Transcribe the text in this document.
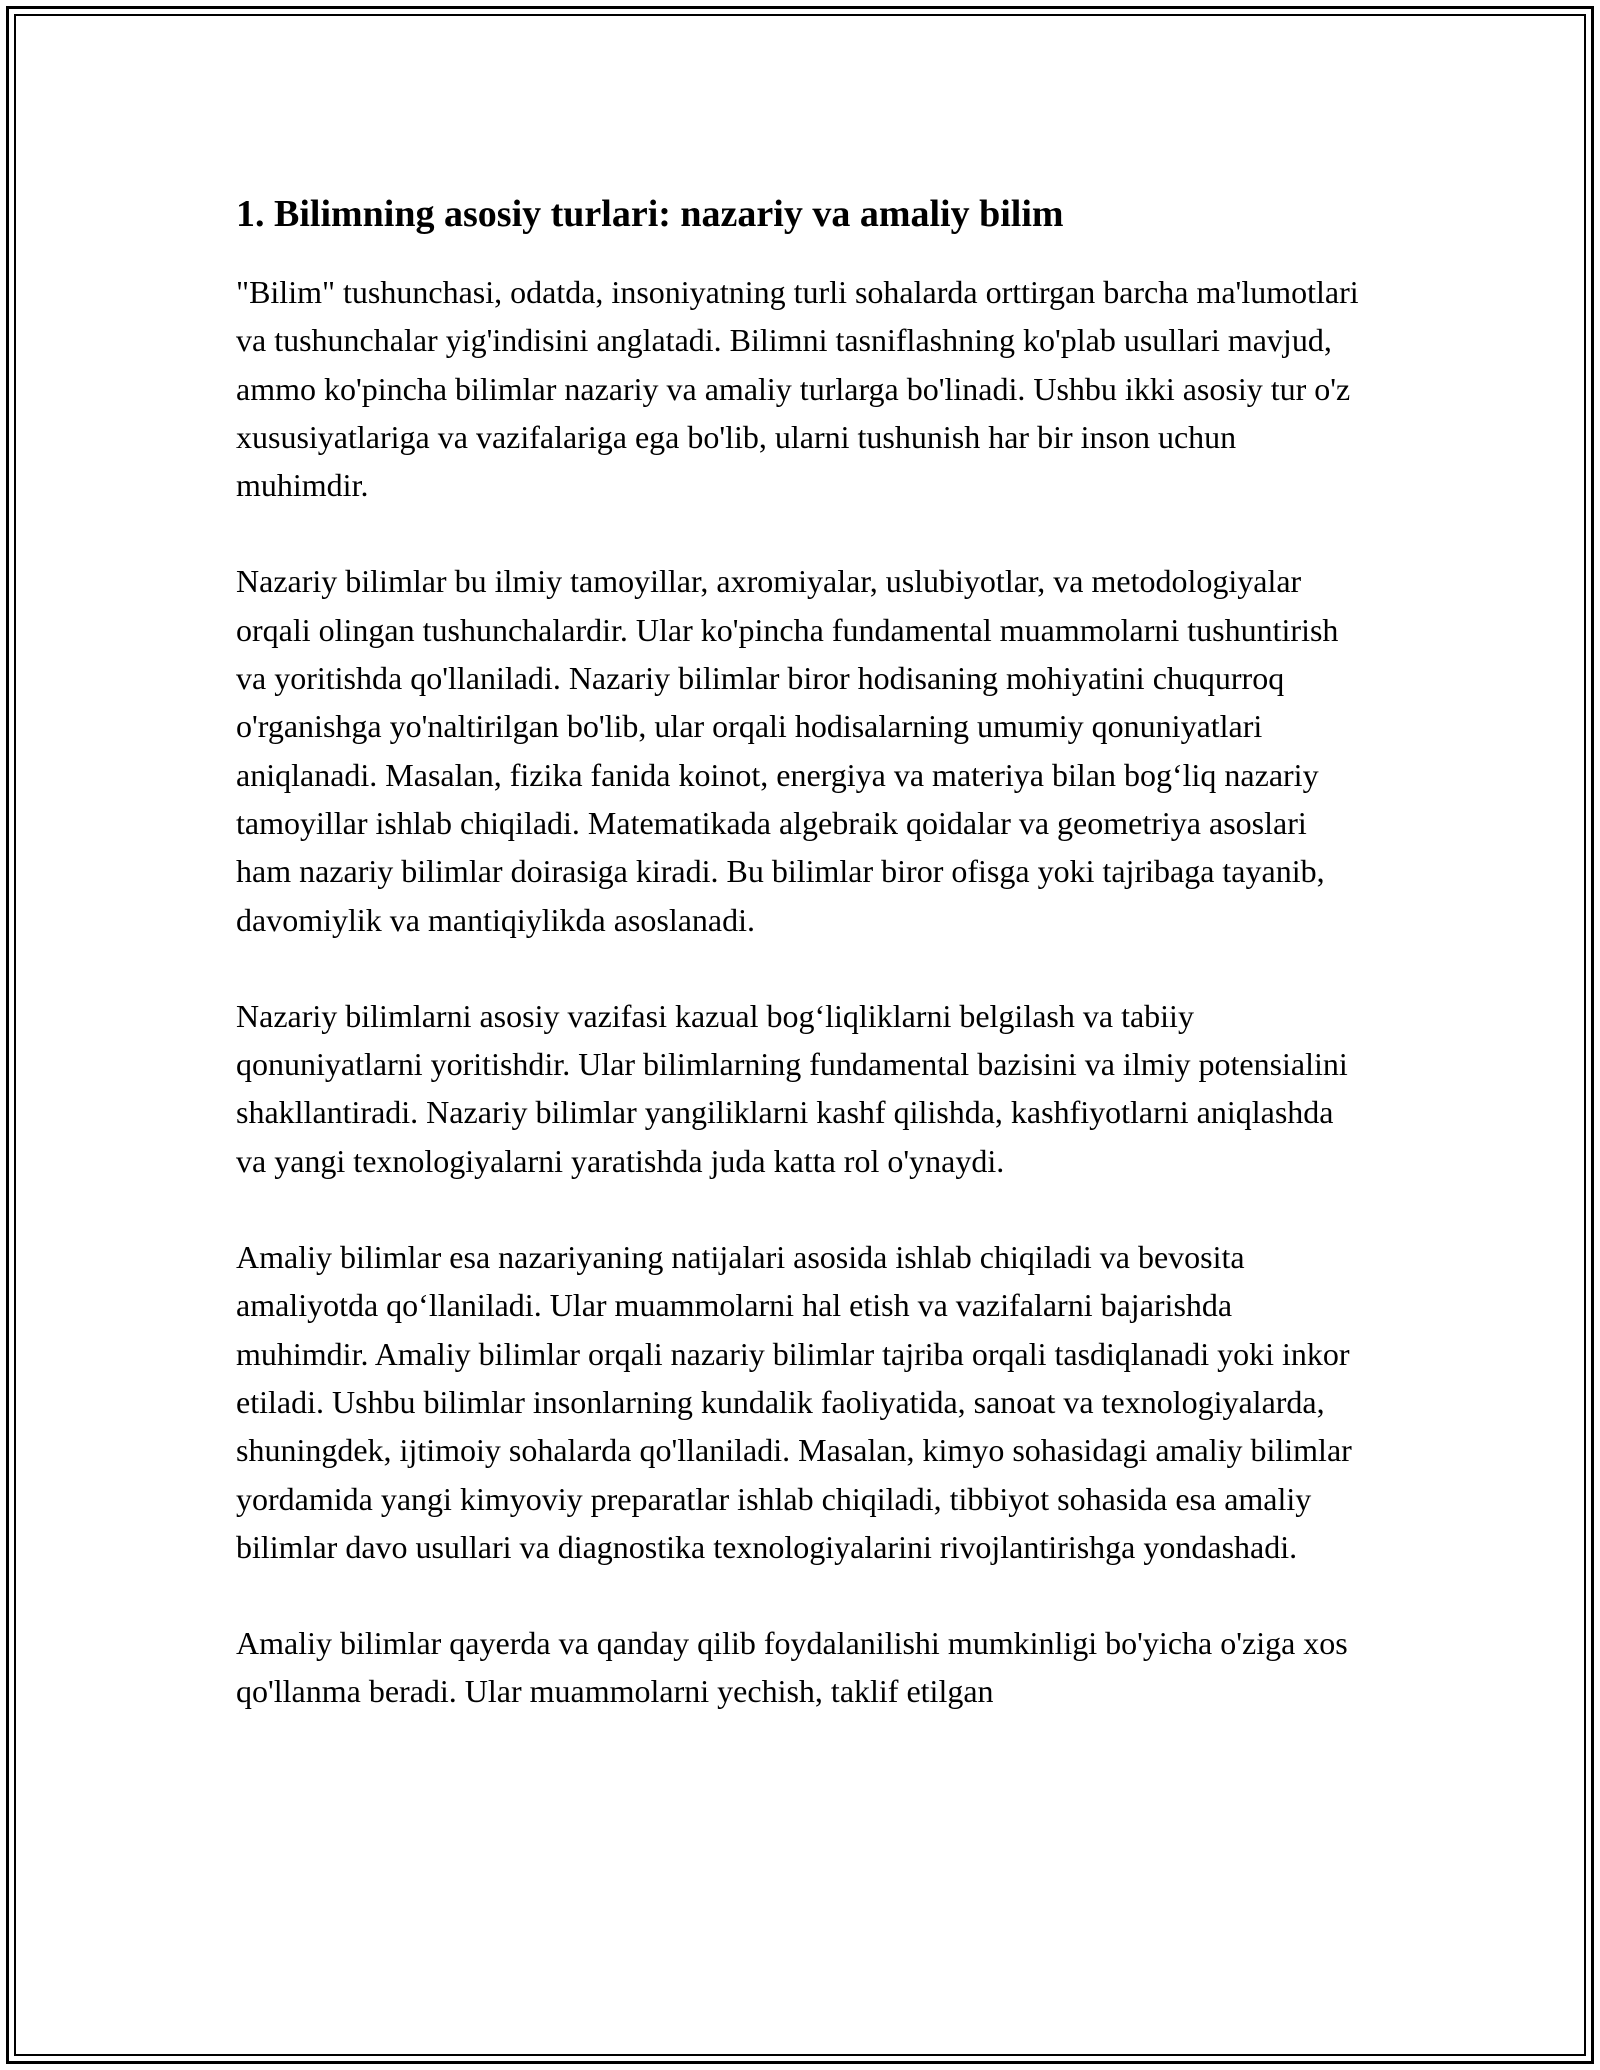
1. Bilimning asosiy turlari: nazariy va amaliy bilim

"Bilim" tushunchasi, odatda, insoniyatning turli sohalarda orttirgan barcha ma'lumotlari va tushunchalar yig'indisini anglatadi. Bilimni tasniflashning ko'plab usullari mavjud, ammo ko'pincha bilimlar nazariy va amaliy turlarga bo'linadi. Ushbu ikki asosiy tur o'z xususiyatlariga va vazifalariga ega bo'lib, ularni tushunish har bir inson uchun muhimdir.

Nazariy bilimlar bu ilmiy tamoyillar, axromiyalar, uslubiyotlar, va metodologiyalar orqali olingan tushunchalardir. Ular ko'pincha fundamental muammolarni tushuntirish va yoritishda qo'llaniladi. Nazariy bilimlar biror hodisaning mohiyatini chuqurroq o'rganishga yo'naltirilgan bo'lib, ular orqali hodisalarning umumiy qonuniyatlari aniqlanadi. Masalan, fizika fanida koinot, energiya va materiya bilan bog‘liq nazariy tamoyillar ishlab chiqiladi. Matematikada algebraik qoidalar va geometriya asoslari ham nazariy bilimlar doirasiga kiradi. Bu bilimlar biror ofisga yoki tajribaga tayanib, davomiylik va mantiqiylikda asoslanadi.

Nazariy bilimlarni asosiy vazifasi kazual bog‘liqliklarni belgilash va tabiiy qonuniyatlarni yoritishdir. Ular bilimlarning fundamental bazisini va ilmiy potensialini shakllantiradi. Nazariy bilimlar yangiliklarni kashf qilishda, kashfiyotlarni aniqlashda va yangi texnologiyalarni yaratishda juda katta rol o'ynaydi.

Amaliy bilimlar esa nazariyaning natijalari asosida ishlab chiqiladi va bevosita amaliyotda qo‘llaniladi. Ular muammolarni hal etish va vazifalarni bajarishda muhimdir. Amaliy bilimlar orqali nazariy bilimlar tajriba orqali tasdiqlanadi yoki inkor etiladi. Ushbu bilimlar insonlarning kundalik faoliyatida, sanoat va texnologiyalarda, shuningdek, ijtimoiy sohalarda qo'llaniladi. Masalan, kimyo sohasidagi amaliy bilimlar yordamida yangi kimyoviy preparatlar ishlab chiqiladi, tibbiyot sohasida esa amaliy bilimlar davo usullari va diagnostika texnologiyalarini rivojlantirishga yondashadi.

Amaliy bilimlar qayerda va qanday qilib foydalanilishi mumkinligi bo'yicha o'ziga xos qo'llanma beradi. Ular muammolarni yechish, taklif etilgan
